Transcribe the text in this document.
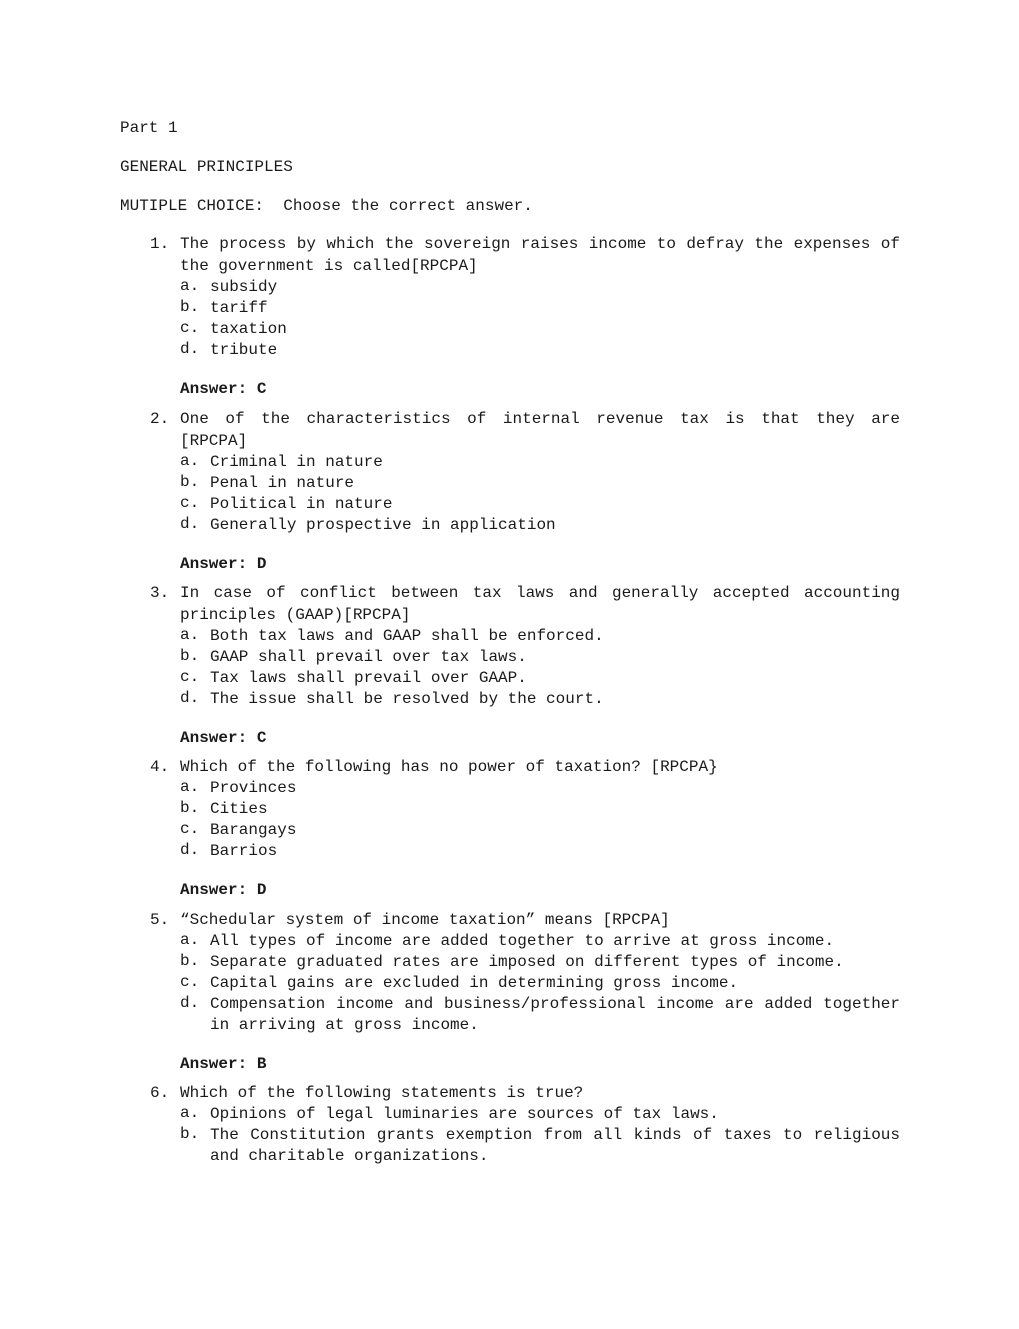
Part 1
GENERAL PRINCIPLES
MUTIPLE CHOICE:  Choose the correct answer.
1. The process by which the sovereign raises income to defray the expenses of the government is called[RPCPA]
a. subsidy
b. tariff
c. taxation
d. tribute
Answer: C
2. One of the characteristics of internal revenue tax is that they are [RPCPA]
a. Criminal in nature
b. Penal in nature
c. Political in nature
d. Generally prospective in application
Answer: D
3. In case of conflict between tax laws and generally accepted accounting principles (GAAP)[RPCPA]
a. Both tax laws and GAAP shall be enforced.
b. GAAP shall prevail over tax laws.
c. Tax laws shall prevail over GAAP.
d. The issue shall be resolved by the court.
Answer: C
4. Which of the following has no power of taxation? [RPCPA}
a. Provinces
b. Cities
c. Barangays
d. Barrios
Answer: D
5. “Schedular system of income taxation” means [RPCPA]
a. All types of income are added together to arrive at gross income.
b. Separate graduated rates are imposed on different types of income.
c. Capital gains are excluded in determining gross income.
d. Compensation income and business/professional income are added together in arriving at gross income.
Answer: B
6. Which of the following statements is true?
a. Opinions of legal luminaries are sources of tax laws.
b. The Constitution grants exemption from all kinds of taxes to religious and charitable organizations.
